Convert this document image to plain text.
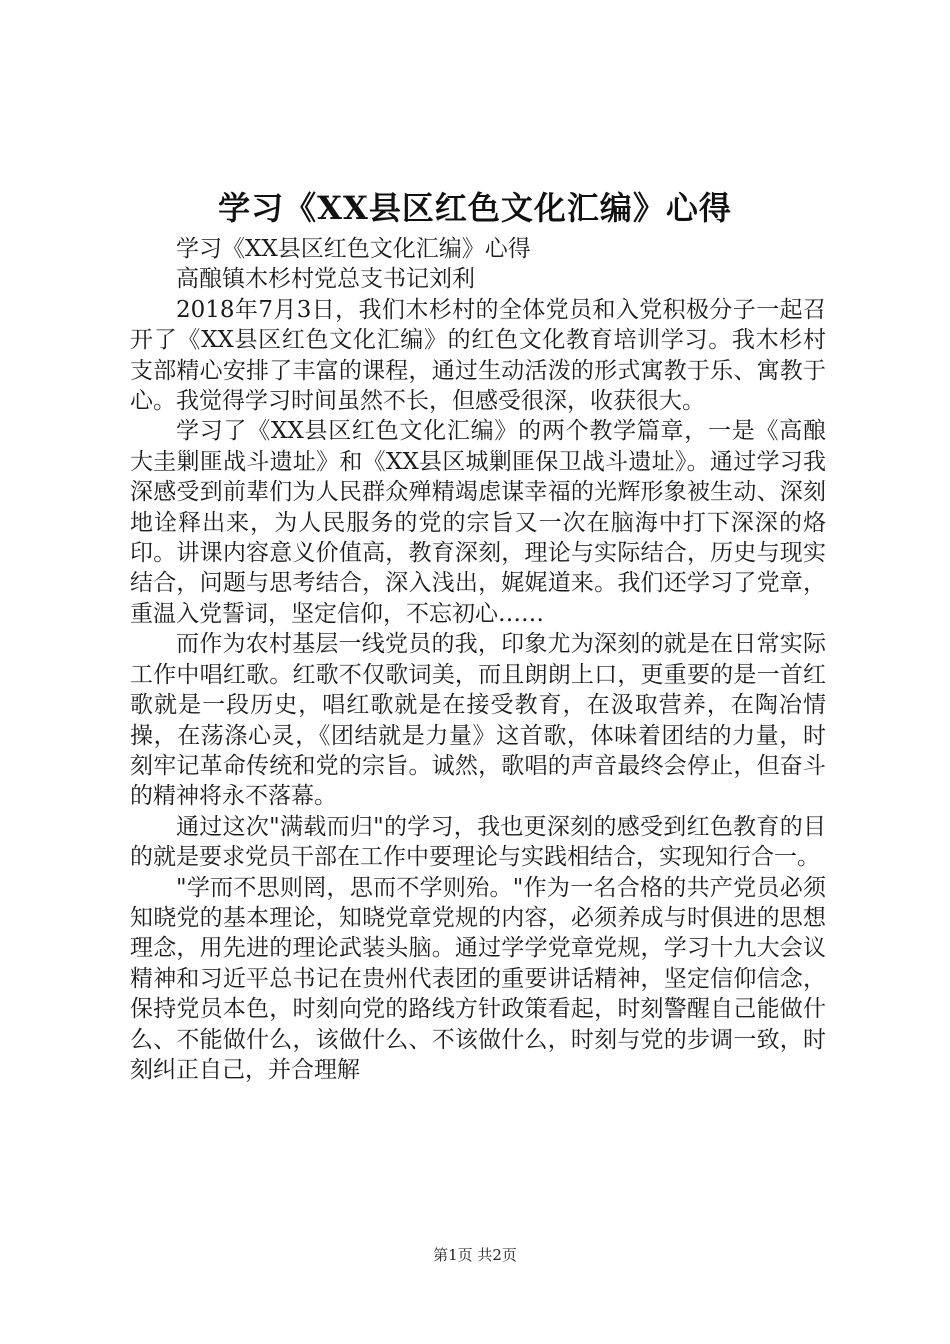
学习《XX县区红色文化汇编》心得

学习《XX县区红色文化汇编》心得

高酿镇木杉村党总支书记刘利

2018年7月3日，我们木杉村的全体党员和入党积极分子一起召开了《XX县区红色文化汇编》的红色文化教育培训学习。我木杉村支部精心安排了丰富的课程，通过生动活泼的形式寓教于乐、寓教于心。我觉得学习时间虽然不长，但感受很深，收获很大。

学习了《XX县区红色文化汇编》的两个教学篇章，一是《高酿大圭剿匪战斗遗址》和《XX县区城剿匪保卫战斗遗址》。通过学习我深感受到前辈们为人民群众殚精竭虑谋幸福的光辉形象被生动、深刻地诠释出来，为人民服务的党的宗旨又一次在脑海中打下深深的烙印。讲课内容意义价值高，教育深刻，理论与实际结合，历史与现实结合，问题与思考结合，深入浅出，娓娓道来。我们还学习了党章，重温入党誓词，坚定信仰，不忘初心……

而作为农村基层一线党员的我，印象尤为深刻的就是在日常实际工作中唱红歌。红歌不仅歌词美，而且朗朗上口，更重要的是一首红歌就是一段历史，唱红歌就是在接受教育，在汲取营养，在陶冶情操，在荡涤心灵，《团结就是力量》这首歌，体味着团结的力量，时刻牢记革命传统和党的宗旨。诚然，歌唱的声音最终会停止，但奋斗的精神将永不落幕。

通过这次"满载而归"的学习，我也更深刻的感受到红色教育的目的就是要求党员干部在工作中要理论与实践相结合，实现知行合一。

"学而不思则罔，思而不学则殆。"作为一名合格的共产党员必须知晓党的基本理论，知晓党章党规的内容，必须养成与时俱进的思想理念，用先进的理论武装头脑。通过学学党章党规，学习十九大会议精神和习近平总书记在贵州代表团的重要讲话精神，坚定信仰信念，保持党员本色，时刻向党的路线方针政策看起，时刻警醒自己能做什么、不能做什么，该做什么、不该做什么，时刻与党的步调一致，时刻纠正自己，并合理解

第1页 共2页
